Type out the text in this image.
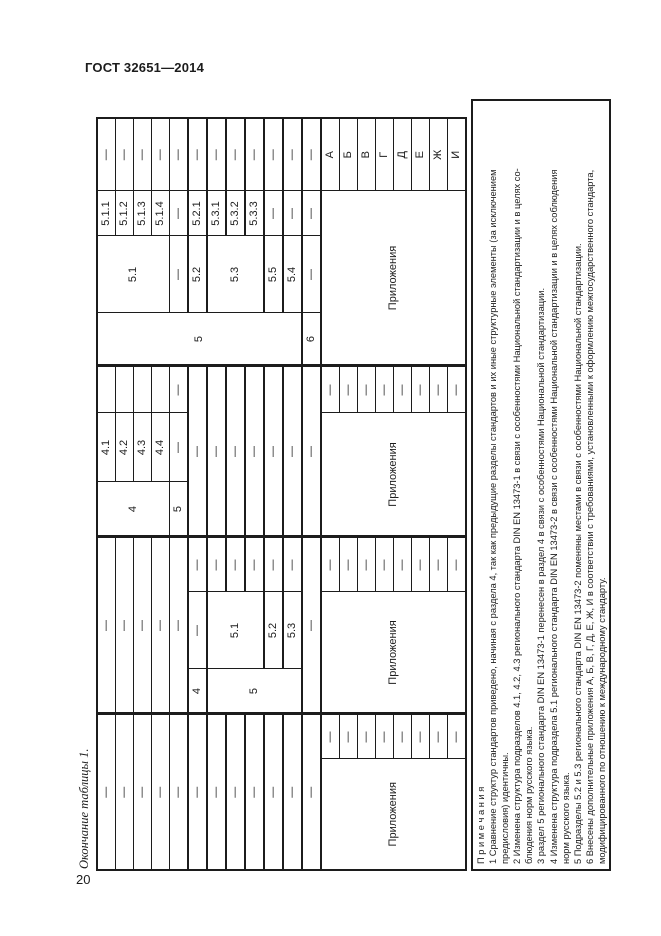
ГОСТ 32651—2014
Окончание таблицы 1. —		—			4	4.1		5	5.1	5.1.1	—
—		—				4.2				5.1.2	—
—		—				4.3				5.1.3	—
—		—				4.4				5.1.4	—
—		—			5	—	—		—	—	—
—		4	—	—	—				5.2	5.2.1	—
—		5	5.1	—	—				5.3	5.3.1	—
—				—	—					5.3.2	—
—				—	—					5.3.3	—
—			5.2	—	—				5.5	—	—
—			5.3	—	—				5.4	—	—
—		—			—			6	—	—	—
Приложения	—	Приложения		—	Приложения		—	Приложения			А
	—			—			—				Б
	—			—			—				В
	—			—			—				Г
	—			—			—				Д
	—			—			—				Е
	—			—			—				Ж
	—			—			—				И
П р и м е ч а н и я 1 Сравнение структур стандартов приведено, начиная с раздела 4, так как предыдущие разделы стандартов и их иные структурные элементы (за исключением предисловия) идентичны. 2 Изменена структура подразделов 4.1, 4.2, 4.3 регионального стандарта DIN EN 13473-1 в связи с особенностями Национальной стандартизации и в целях со- блюдения норм русского языка. 3 раздел 5 регионального стандарта DIN EN 13473-1 перенесен в раздел 4 в связи с особенностями Национальной стандартизации. 4 Изменена структура подраздела 5.1 регионального стандарта DIN EN 13473-2 в связи с особенностями Национальной стандартизации и в целях соблюдения норм русского языка. 5 Подразделы 5.2 и 5.3 регионального стандарта DIN EN 13473-2 поменяны местами в связи с особенностями Национальной стандартизации. 6 Внесены дополнительные приложения А, Б, В, Г, Д, Е, Ж, И в соответствии с требованиями, установленными к оформлению межгосударственного стандарта, модифицированного по отношению к международному стандарту.
20
